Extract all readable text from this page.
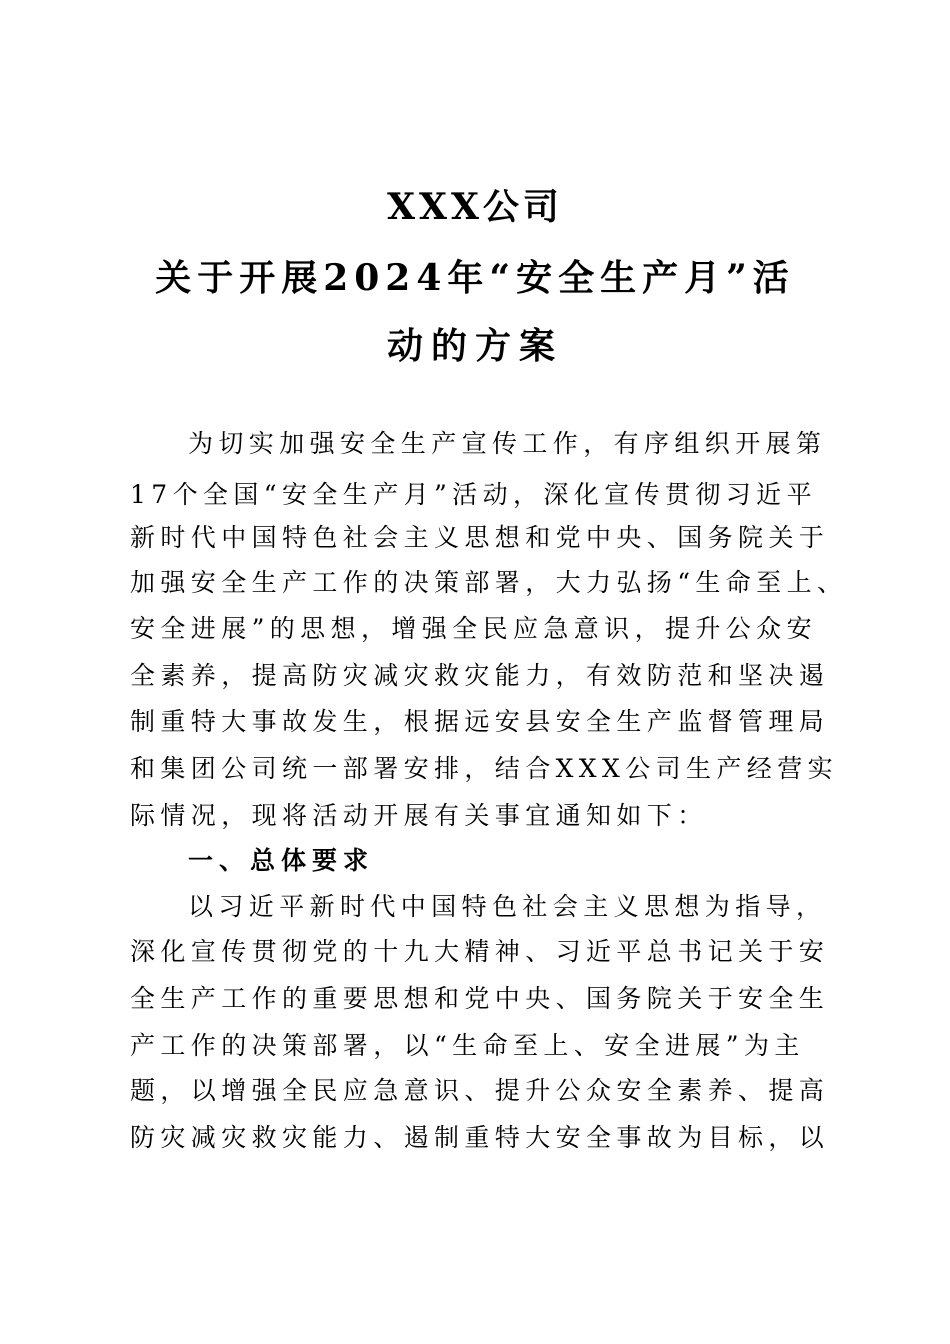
XXX公司
关于开展2024年“安全生产月”活
动的方案
为切实加强安全生产宣传工作，有序组织开展第
17个全国“安全生产月”活动，深化宣传贯彻习近平
新时代中国特色社会主义思想和党中央、国务院关于
加强安全生产工作的决策部署，大力弘扬“生命至上、
安全进展”的思想，增强全民应急意识，提升公众安
全素养，提高防灾减灾救灾能力，有效防范和坚决遏
制重特大事故发生，根据远安县安全生产监督管理局
和集团公司统一部署安排，结合XXX公司生产经营实
际情况，现将活动开展有关事宜通知如下：
一、总体要求
以习近平新时代中国特色社会主义思想为指导，
深化宣传贯彻党的十九大精神、习近平总书记关于安
全生产工作的重要思想和党中央、国务院关于安全生
产工作的决策部署，以“生命至上、安全进展”为主
题，以增强全民应急意识、提升公众安全素养、提高
防灾减灾救灾能力、遏制重特大安全事故为目标，以
